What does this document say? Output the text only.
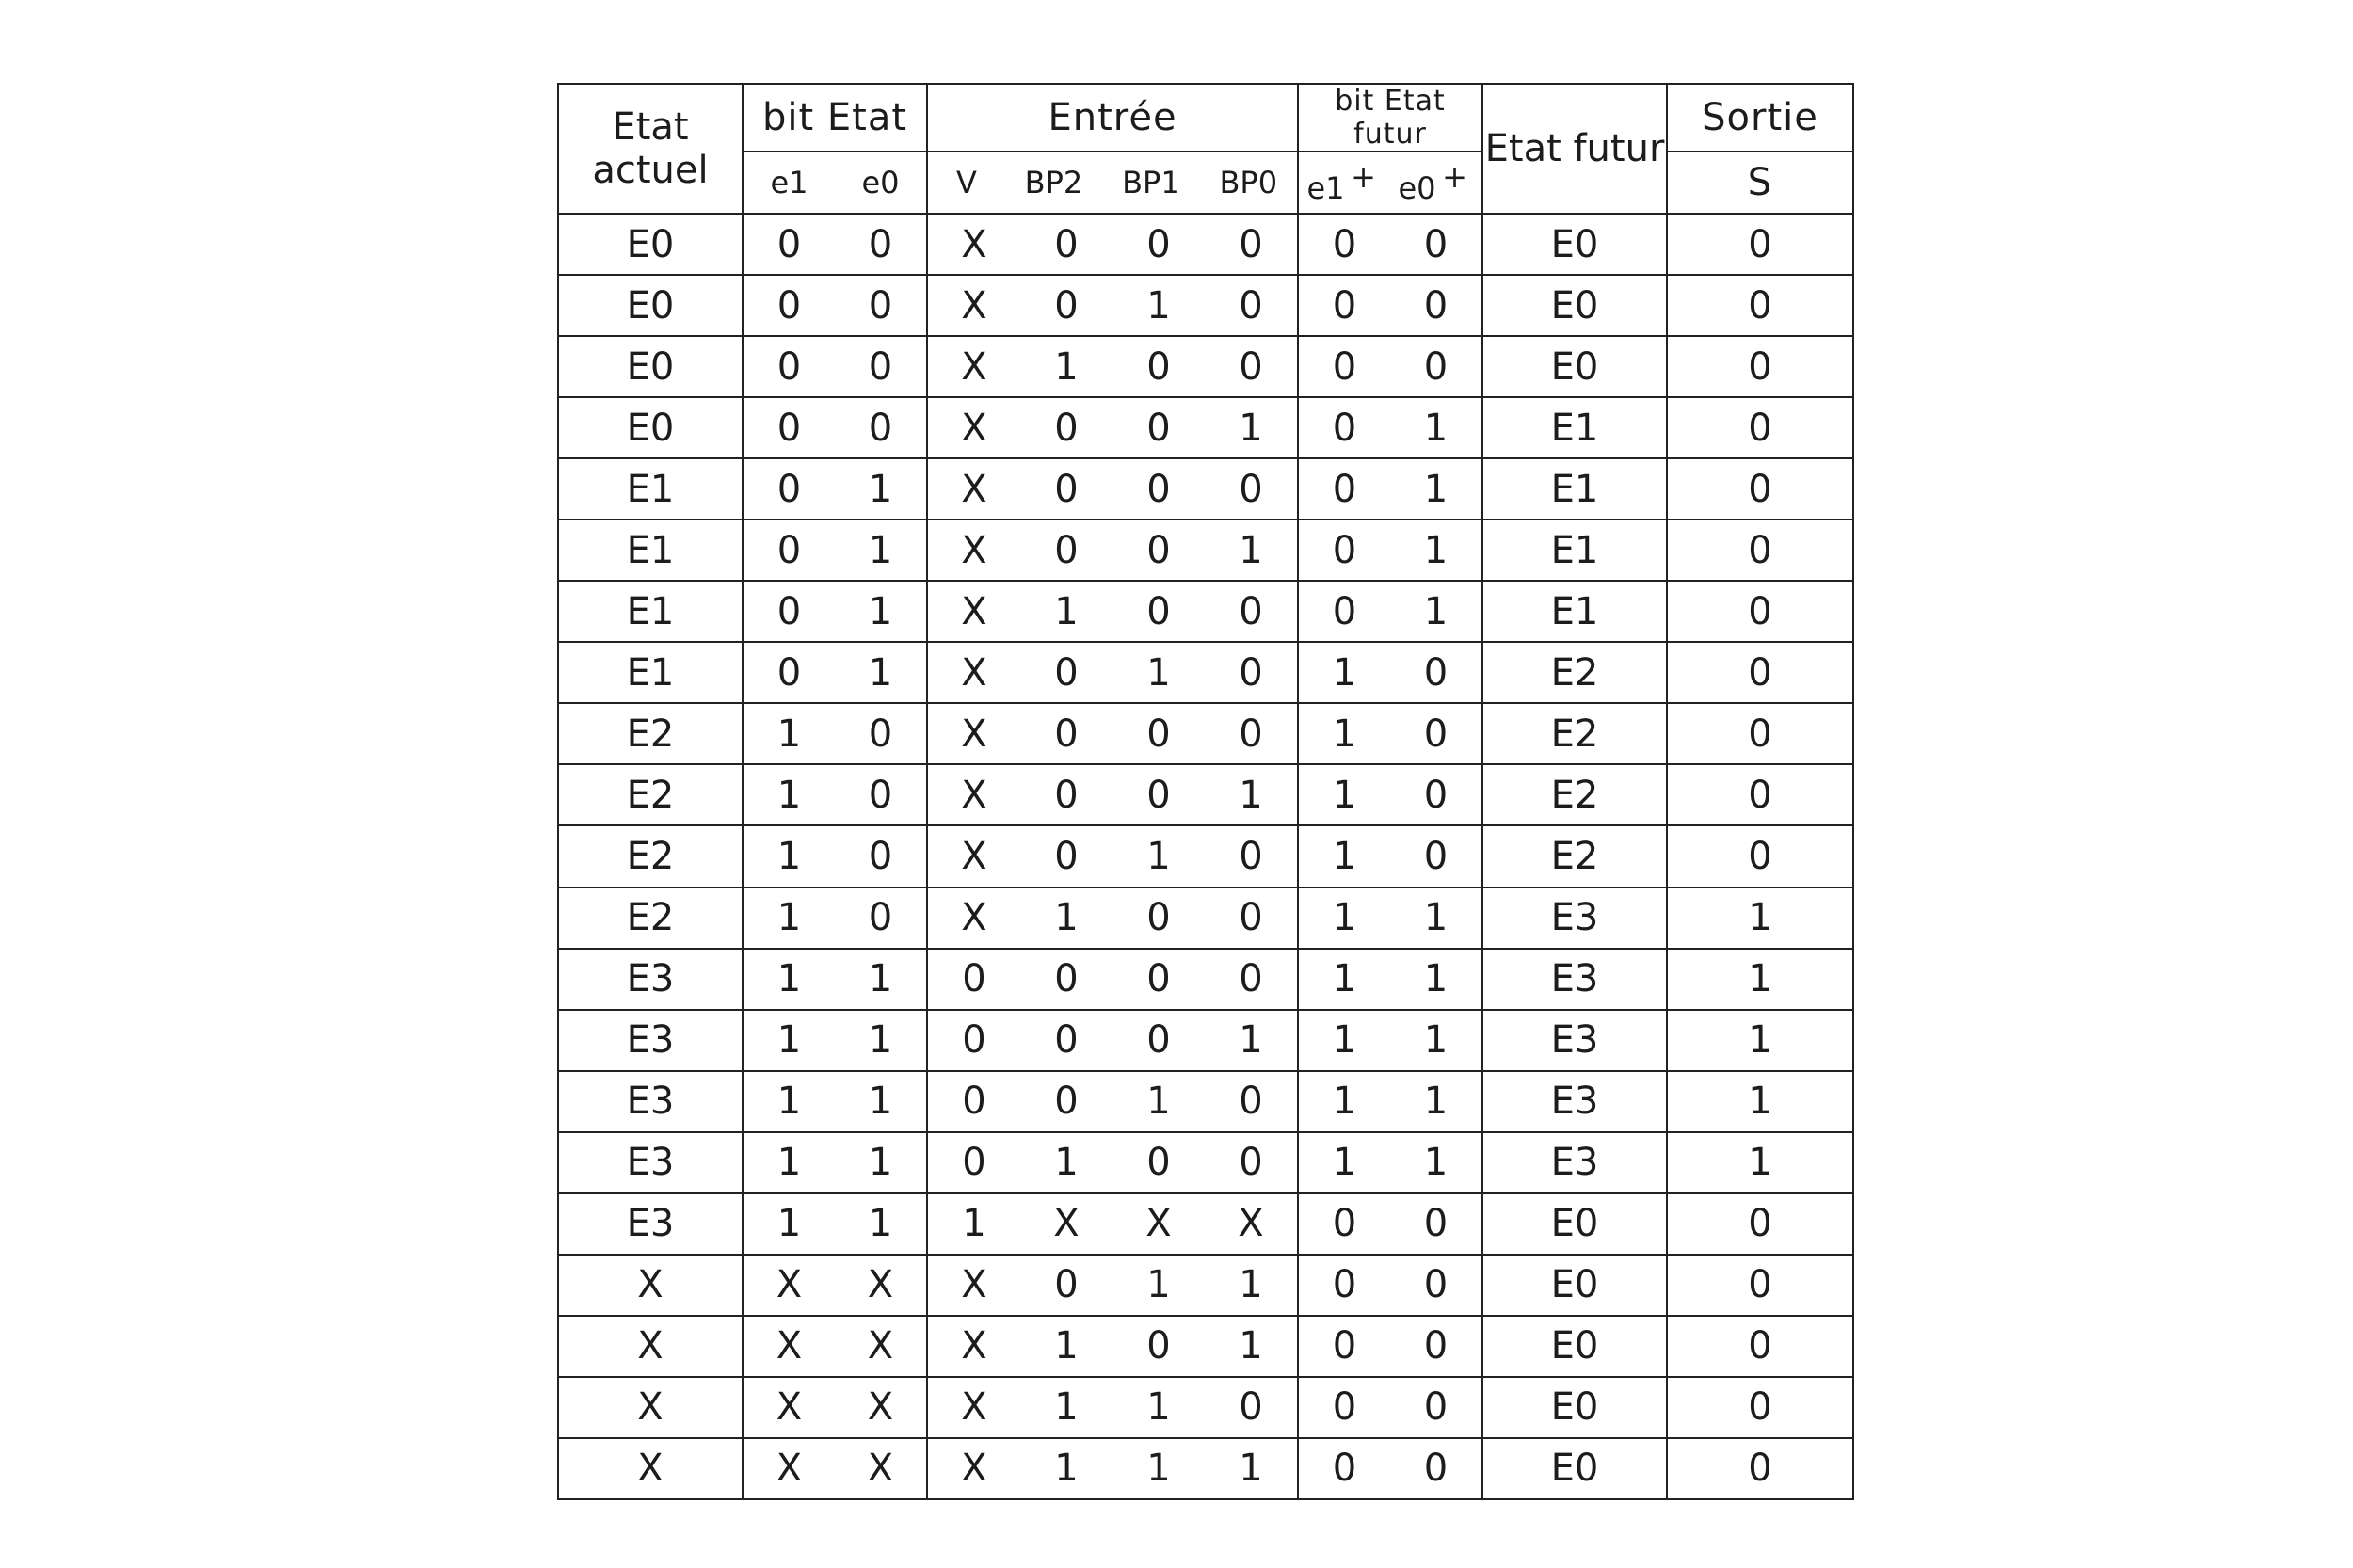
Etat actuel	bit Etat	Entrée	bit Etat futur	Etat futur	Sortie

	e1 e0	V BP2 BP1 BP0	e1 + e0 +		S
E0	0 0	X 0 0 0	0 0	E0	0
E0	0 0	X 0 1 0	0 0	E0	0
E0	0 0	X 1 0 0	0 0	E0	0
E0	0 0	X 0 0 1	0 1	E1	0
E1	0 1	X 0 0 0	0 1	E1	0
E1	0 1	X 0 0 1	0 1	E1	0
E1	0 1	X 1 0 0	0 1	E1	0
E1	0 1	X 0 1 0	1 0	E2	0
E2	1 0	X 0 0 0	1 0	E2	0
E2	1 0	X 0 0 1	1 0	E2	0
E2	1 0	X 0 1 0	1 0	E2	0
E2	1 0	X 1 0 0	1 1	E3	1
E3	1 1	0 0 0 0	1 1	E3	1
E3	1 1	0 0 0 1	1 1	E3	1
E3	1 1	0 0 1 0	1 1	E3	1
E3	1 1	0 1 0 0	1 1	E3	1
E3	1 1	1 X X X	0 0	E0	0
X	X X	X 0 1 1	0 0	E0	0
X	X X	X 1 0 1	0 0	E0	0
X	X X	X 1 1 0	0 0	E0	0
X	X X	X 1 1 1	0 0	E0	0
